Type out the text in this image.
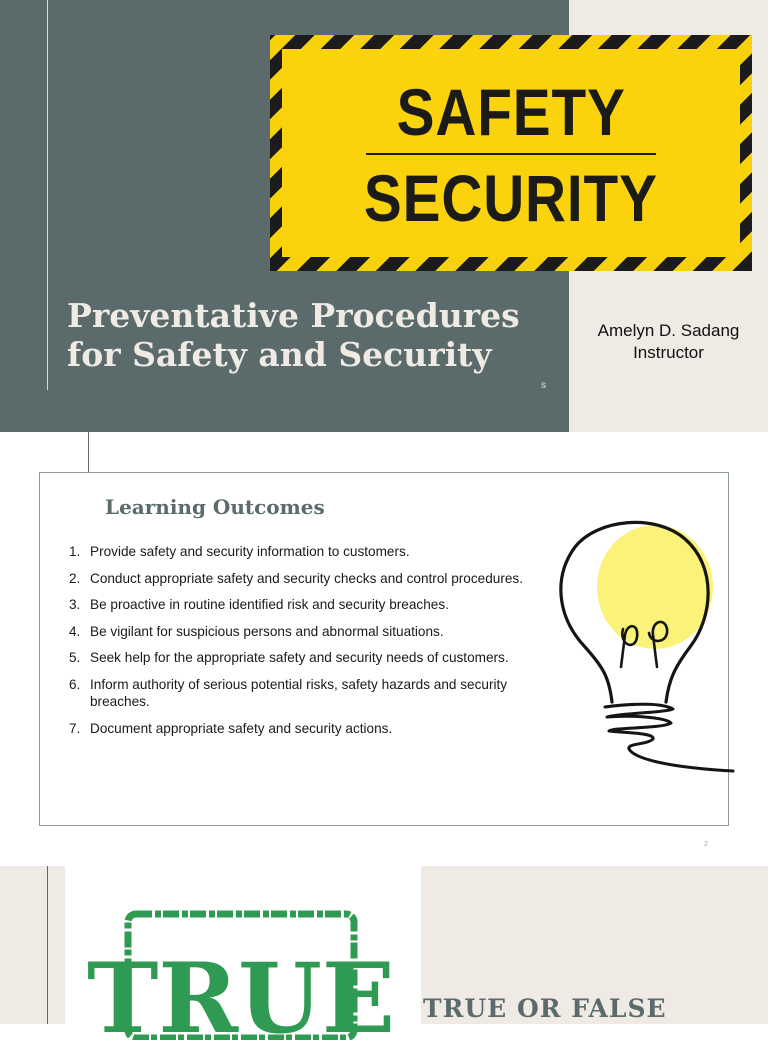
SAFETY
SECURITY
Preventative Procedures for Safety and Security
s
Amelyn D. Sadang
Instructor
Learning Outcomes
1. Provide safety and security information to customers.
2. Conduct appropriate safety and security checks and control procedures.
3. Be proactive in routine identified risk and security breaches.
4. Be vigilant for suspicious persons and abnormal situations.
5. Seek help for the appropriate safety and security needs of customers.
6. Inform authority of serious potential risks, safety hazards and security breaches.
7. Document appropriate safety and security actions.
2
TRUE TRUE OR FALSE
